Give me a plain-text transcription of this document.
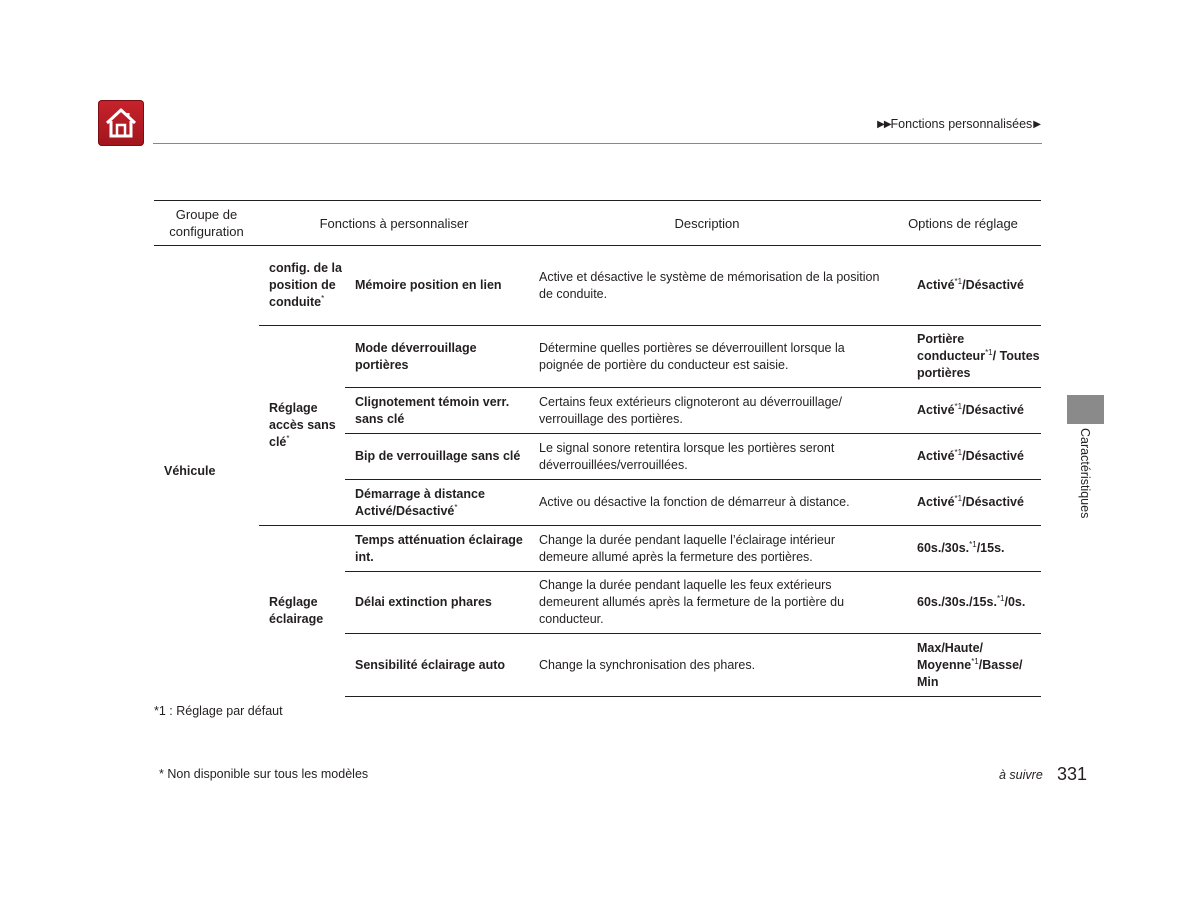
▶▶ Fonctions personnalisées ▶
Groupe de configuration	Fonctions à personnaliser		Description	Options de réglage
Véhicule	config. de la position de conduite*	Mémoire position en lien	Active et désactive le système de mémorisation de la position de conduite.	Activé$^{*1}$/Désactivé
	Réglage accès sans clé*	Mode déverrouillage portières	Détermine quelles portières se déverrouillent lorsque la poignée de portière du conducteur est saisie.	Portière conducteur$^{*1}$/ Toutes portières
		Clignotement témoin verr. sans clé	Certains feux extérieurs clignoteront au déverrouillage/ verrouillage des portières.	Activé$^{*1}$/Désactivé
		Bip de verrouillage sans clé	Le signal sonore retentira lorsque les portières seront déverrouillées/verrouillées.	Activé$^{*1}$/Désactivé
		Démarrage à distance Activé/Désactivé*	Active ou désactive la fonction de démarreur à distance.	Activé$^{*1}$/Désactivé
	Réglage éclairage	Temps atténuation éclairage int.	Change la durée pendant laquelle l’éclairage intérieur demeure allumé après la fermeture des portières.	60s./30s.$^{*1}$/15s.
		Délai extinction phares	Change la durée pendant laquelle les feux extérieurs demeurent allumés après la fermeture de la portière du conducteur.	60s./30s./15s.$^{*1}$/0s.
		Sensibilité éclairage auto	Change la synchronisation des phares.	Max/Haute/ Moyenne$^{*1}$/Basse/ Min
*1 : Réglage par défaut
* Non disponible sur tous les modèles	à suivre 331
Caractéristiques
